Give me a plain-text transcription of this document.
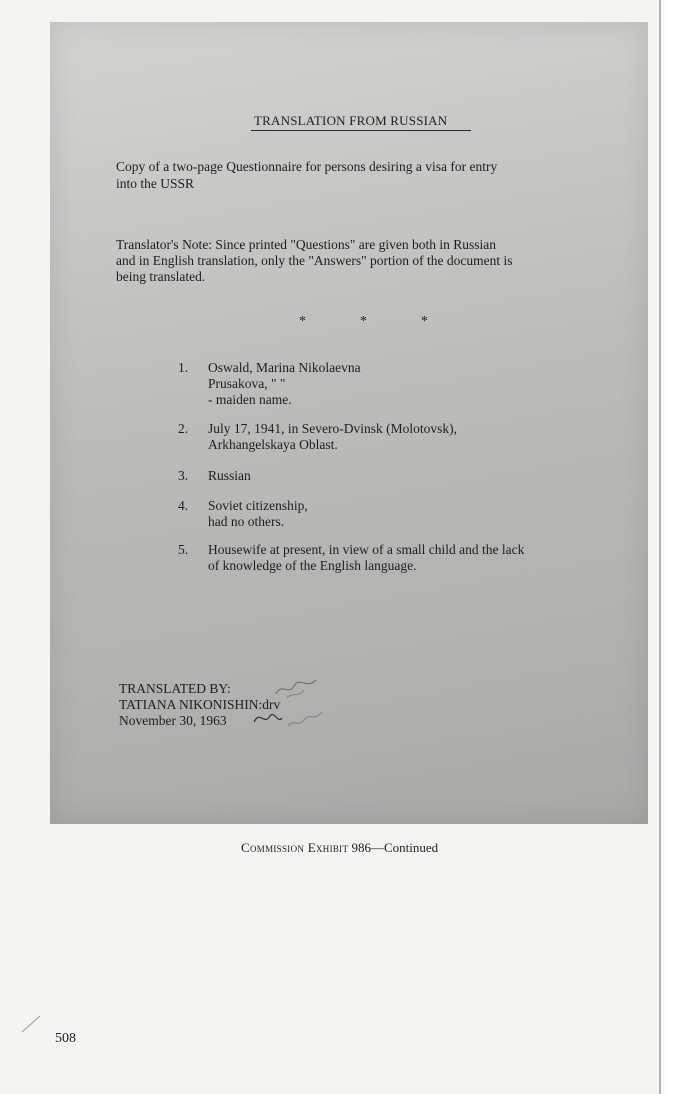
TRANSLATION FROM RUSSIAN
Copy of a two-page Questionnaire for persons desiring a visa for entry
into the USSR
Translator's Note: Since printed "Questions" are given both in Russian
and in English translation, only the "Answers" portion of the document is
being translated.
*	*	*
1. Oswald, Marina Nikolaevna
Prusakova, " "
- maiden name.
2. July 17, 1941, in Severo-Dvinsk (Molotovsk),
Arkhangelskaya Oblast.
3. Russian
4. Soviet citizenship,
had no others.
5. Housewife at present, in view of a small child and the lack
of knowledge of the English language.
TRANSLATED BY:
TATIANA NIKONISHIN:drv
November 30, 1963
Commission Exhibit 986—Continued
508
